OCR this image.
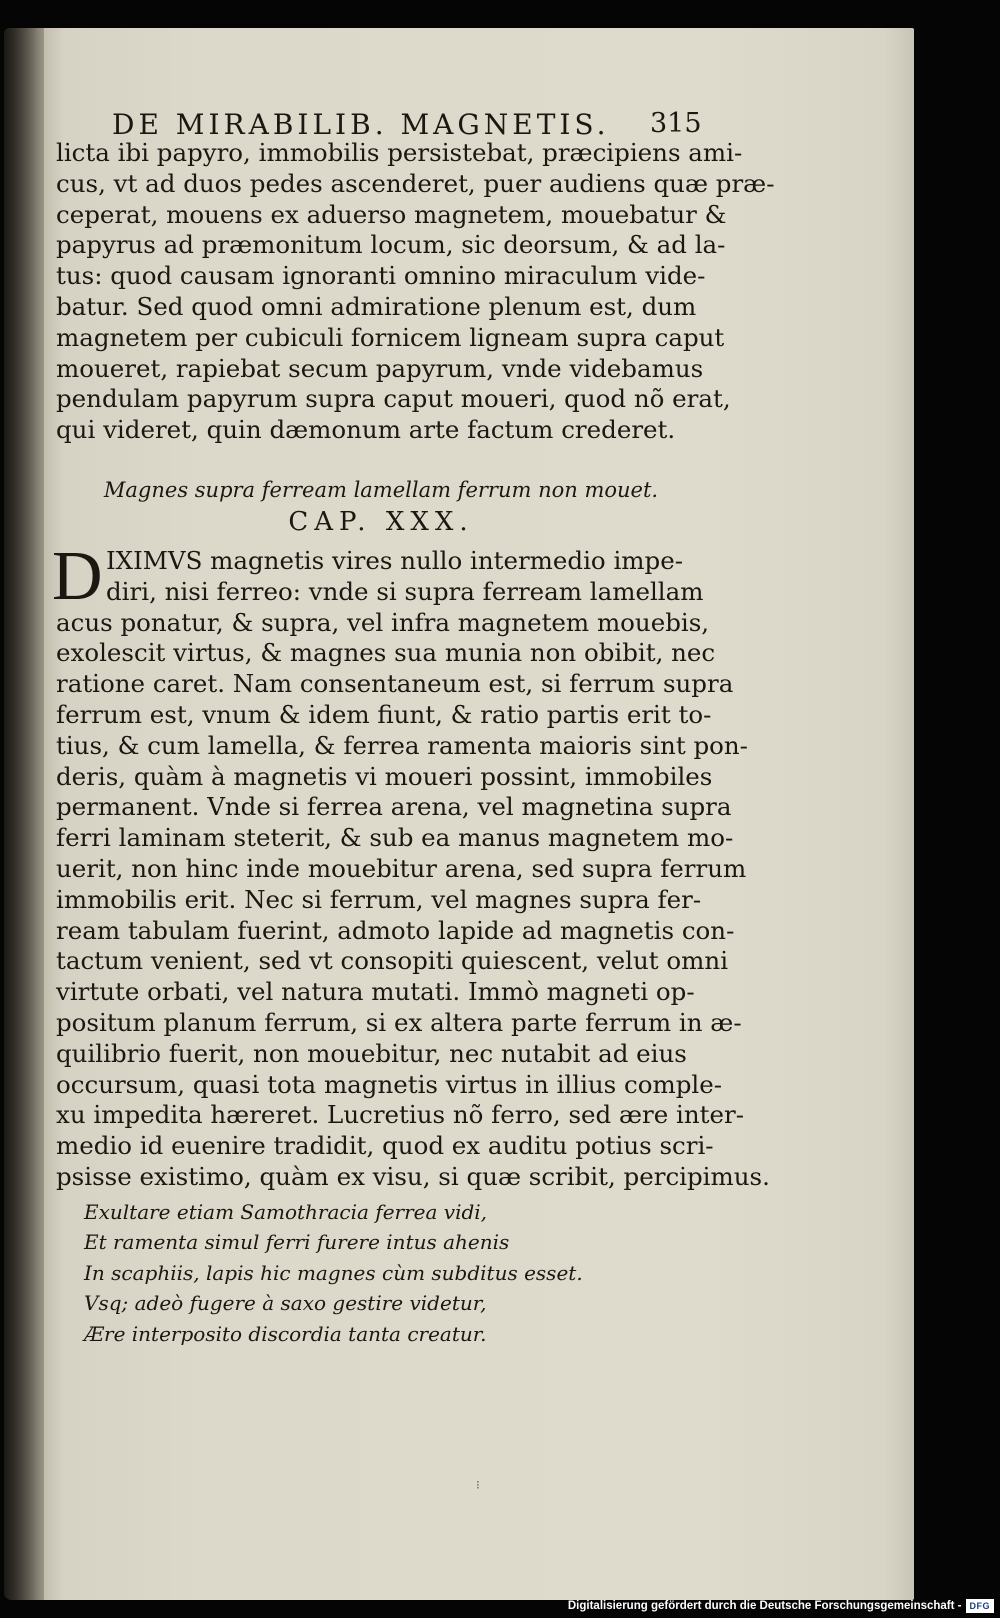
DE MIRABILIB. MAGNETIS. 315
licta ibi papyro, immobilis persistebat, præcipiens ami-
cus, vt ad duos pedes ascenderet, puer audiens quæ præ-
ceperat, mouens ex aduerso magnetem, mouebatur &
papyrus ad præmonitum locum, sic deorsum, & ad la-
tus: quod causam ignoranti omnino miraculum vide-
batur. Sed quod omni admiratione plenum est, dum
magnetem per cubiculi fornicem ligneam supra caput
moueret, rapiebat secum papyrum, vnde videbamus
pendulam papyrum supra caput moueri, quod nõ erat,
qui videret, quin dæmonum arte factum crederet.
Magnes supra ferream lamellam ferrum non mouet.
CAP. XXX.
D IXIMVS magnetis vires nullo intermedio impe-
diri, nisi ferreo: vnde si supra ferream lamellam
acus ponatur, & supra, vel infra magnetem mouebis,
exolescit virtus, & magnes sua munia non obibit, nec
ratione caret. Nam consentaneum est, si ferrum supra
ferrum est, vnum & idem fiunt, & ratio partis erit to-
tius, & cum lamella, & ferrea ramenta maioris sint pon-
deris, quàm à magnetis vi moueri possint, immobiles
permanent. Vnde si ferrea arena, vel magnetina supra
ferri laminam steterit, & sub ea manus magnetem mo-
uerit, non hinc inde mouebitur arena, sed supra ferrum
immobilis erit. Nec si ferrum, vel magnes supra fer-
ream tabulam fuerint, admoto lapide ad magnetis con-
tactum venient, sed vt consopiti quiescent, velut omni
virtute orbati, vel natura mutati. Immò magneti op-
positum planum ferrum, si ex altera parte ferrum in æ-
quilibrio fuerit, non mouebitur, nec nutabit ad eius
occursum, quasi tota magnetis virtus in illius comple-
xu impedita hæreret. Lucretius nõ ferro, sed ære inter-
medio id euenire tradidit, quod ex auditu potius scri-
psisse existimo, quàm ex visu, si quæ scribit, percipimus.
Exultare etiam Samothracia ferrea vidi,
Et ramenta simul ferri furere intus ahenis
In scaphiis, lapis hic magnes cùm subditus esset.
Vsq; adeò fugere à saxo gestire videtur,
Ære interposito discordia tanta creatur.
⁝
Digitalisierung gefördert durch die Deutsche Forschungsgemeinschaft - DFG
